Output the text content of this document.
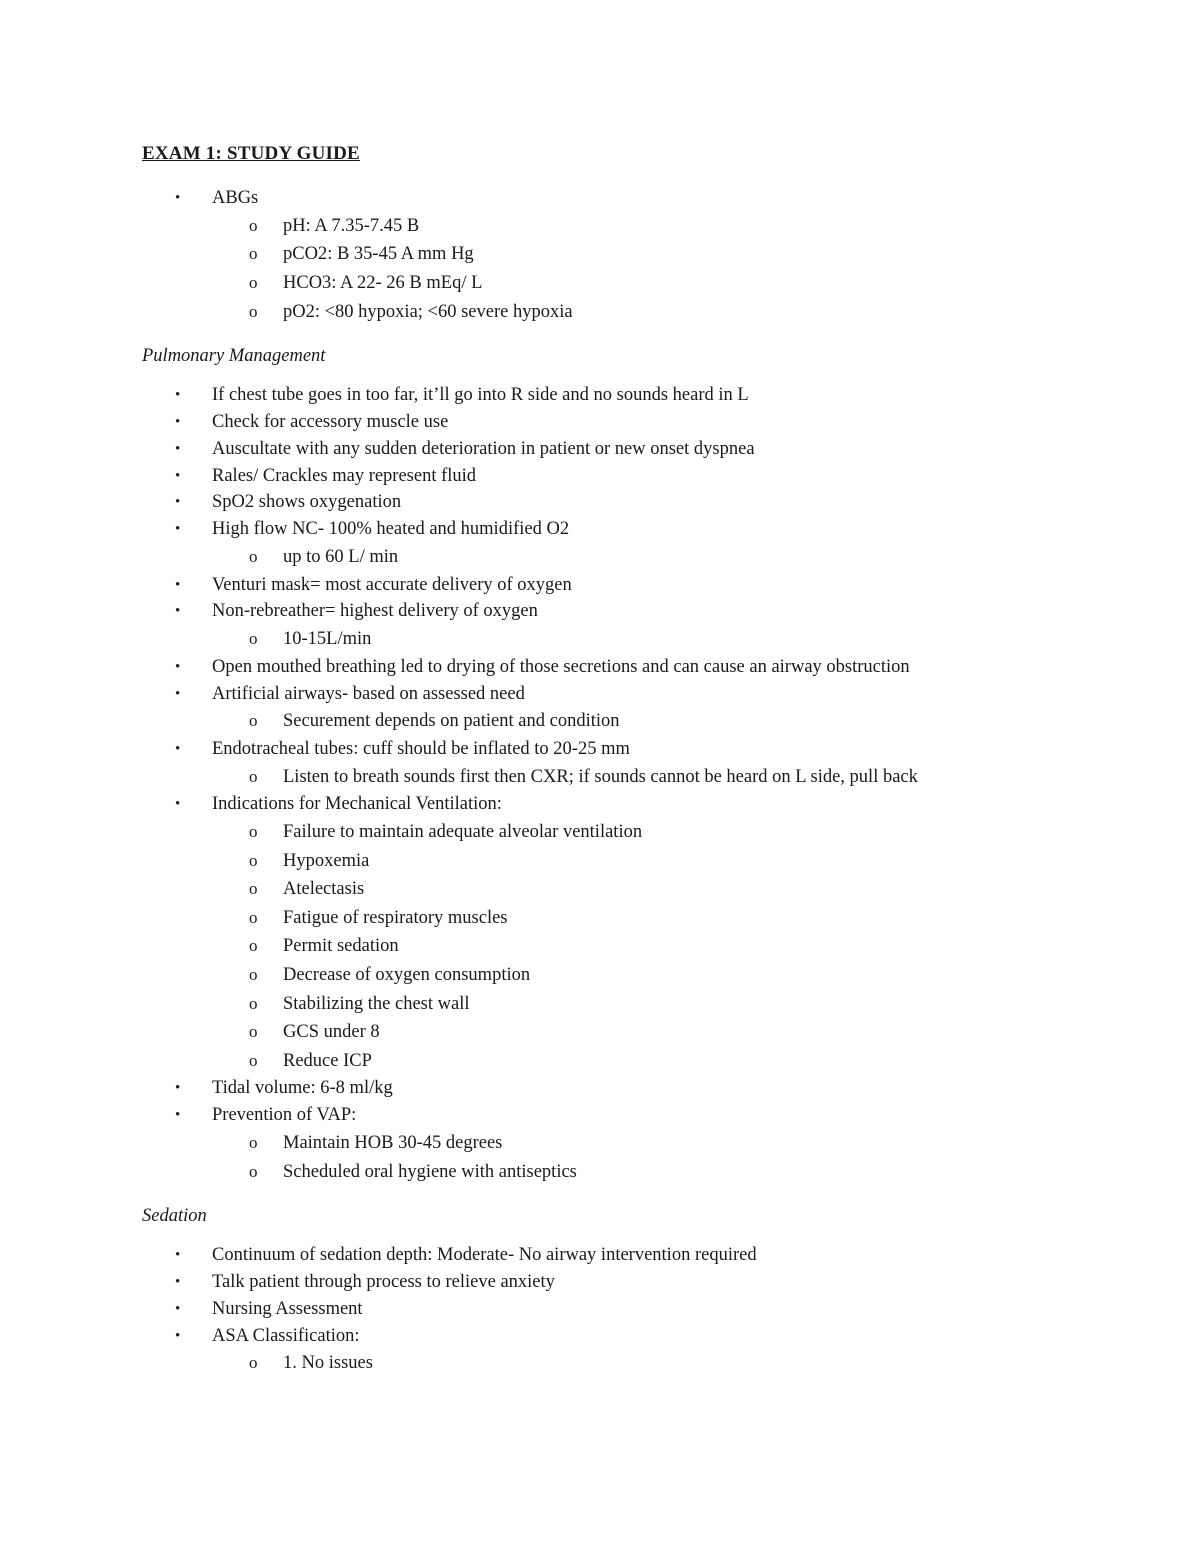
EXAM 1: STUDY GUIDE
• ABGs
o pH: A 7.35-7.45 B
o pCO2: B 35-45 A mm Hg
o HCO3: A 22- 26 B mEq/ L
o pO2: <80 hypoxia; <60 severe hypoxia
Pulmonary Management
• If chest tube goes in too far, it’ll go into R side and no sounds heard in L
• Check for accessory muscle use
• Auscultate with any sudden deterioration in patient or new onset dyspnea
• Rales/ Crackles may represent fluid
• SpO2 shows oxygenation
• High flow NC- 100% heated and humidified O2
o up to 60 L/ min
• Venturi mask= most accurate delivery of oxygen
• Non-rebreather= highest delivery of oxygen
o 10-15L/min
• Open mouthed breathing led to drying of those secretions and can cause an airway obstruction
• Artificial airways- based on assessed need
o Securement depends on patient and condition
• Endotracheal tubes: cuff should be inflated to 20-25 mm
o Listen to breath sounds first then CXR; if sounds cannot be heard on L side, pull back
• Indications for Mechanical Ventilation:
o Failure to maintain adequate alveolar ventilation
o Hypoxemia
o Atelectasis
o Fatigue of respiratory muscles
o Permit sedation
o Decrease of oxygen consumption
o Stabilizing the chest wall
o GCS under 8
o Reduce ICP
• Tidal volume: 6-8 ml/kg
• Prevention of VAP:
o Maintain HOB 30-45 degrees
o Scheduled oral hygiene with antiseptics
Sedation
• Continuum of sedation depth: Moderate- No airway intervention required
• Talk patient through process to relieve anxiety
• Nursing Assessment
• ASA Classification:
o 1. No issues
